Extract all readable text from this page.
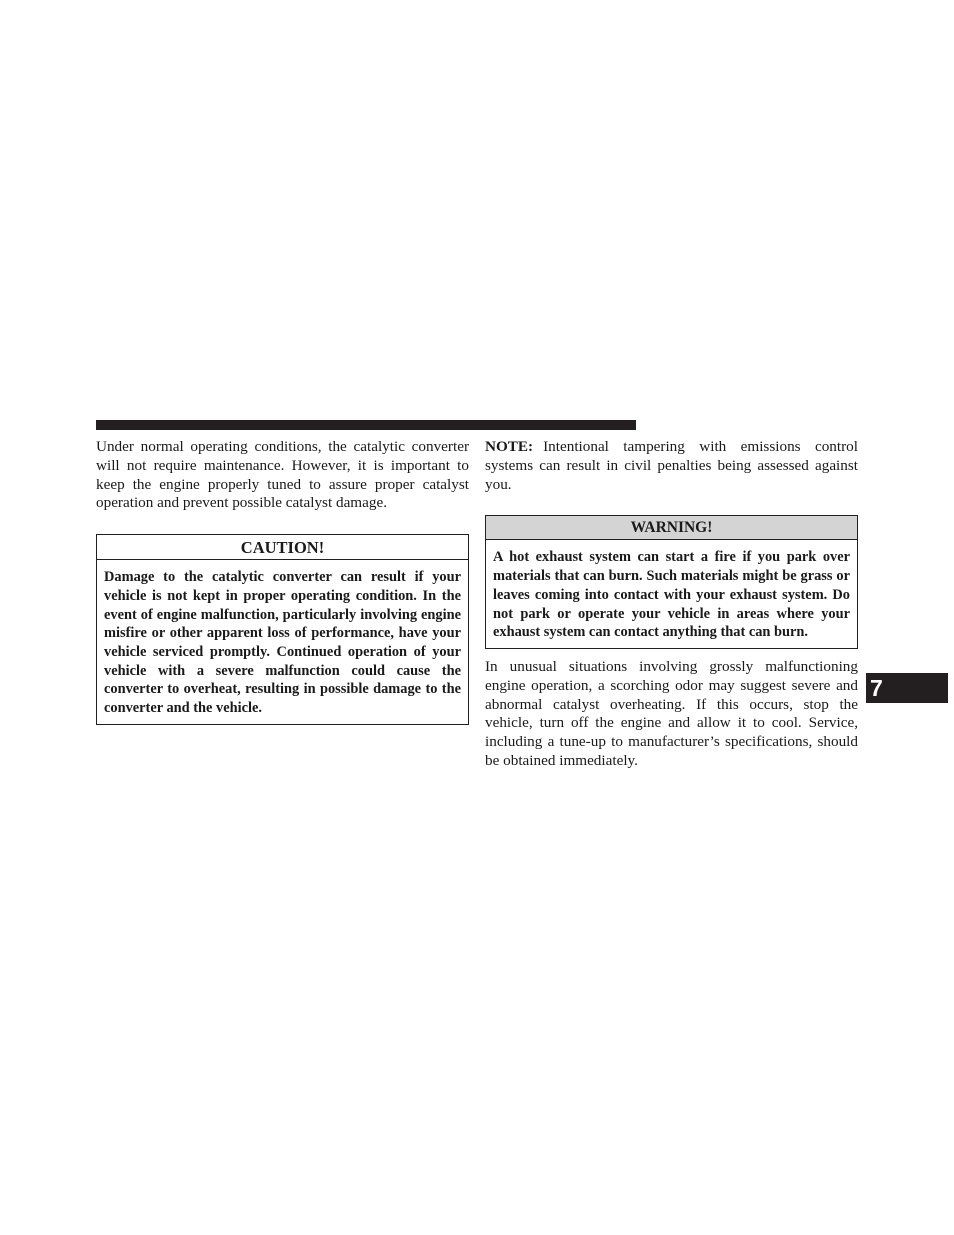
Under normal operating conditions, the catalytic converter will not require maintenance. However, it is important to keep the engine properly tuned to assure proper catalyst operation and prevent possible catalyst damage.

CAUTION!
Damage to the catalytic converter can result if your vehicle is not kept in proper operating condition. In the event of engine malfunction, particularly involving engine misfire or other apparent loss of performance, have your vehicle serviced promptly. Continued operation of your vehicle with a severe malfunction could cause the converter to overheat, resulting in possible damage to the converter and the vehicle.

NOTE: Intentional tampering with emissions control systems can result in civil penalties being assessed against you.

WARNING!
A hot exhaust system can start a fire if you park over materials that can burn. Such materials might be grass or leaves coming into contact with your exhaust system. Do not park or operate your vehicle in areas where your exhaust system can contact anything that can burn.

In unusual situations involving grossly malfunctioning engine operation, a scorching odor may suggest severe and abnormal catalyst overheating. If this occurs, stop the vehicle, turn off the engine and allow it to cool. Service, including a tune-up to manufacturer’s specifications, should be obtained immediately.

7
